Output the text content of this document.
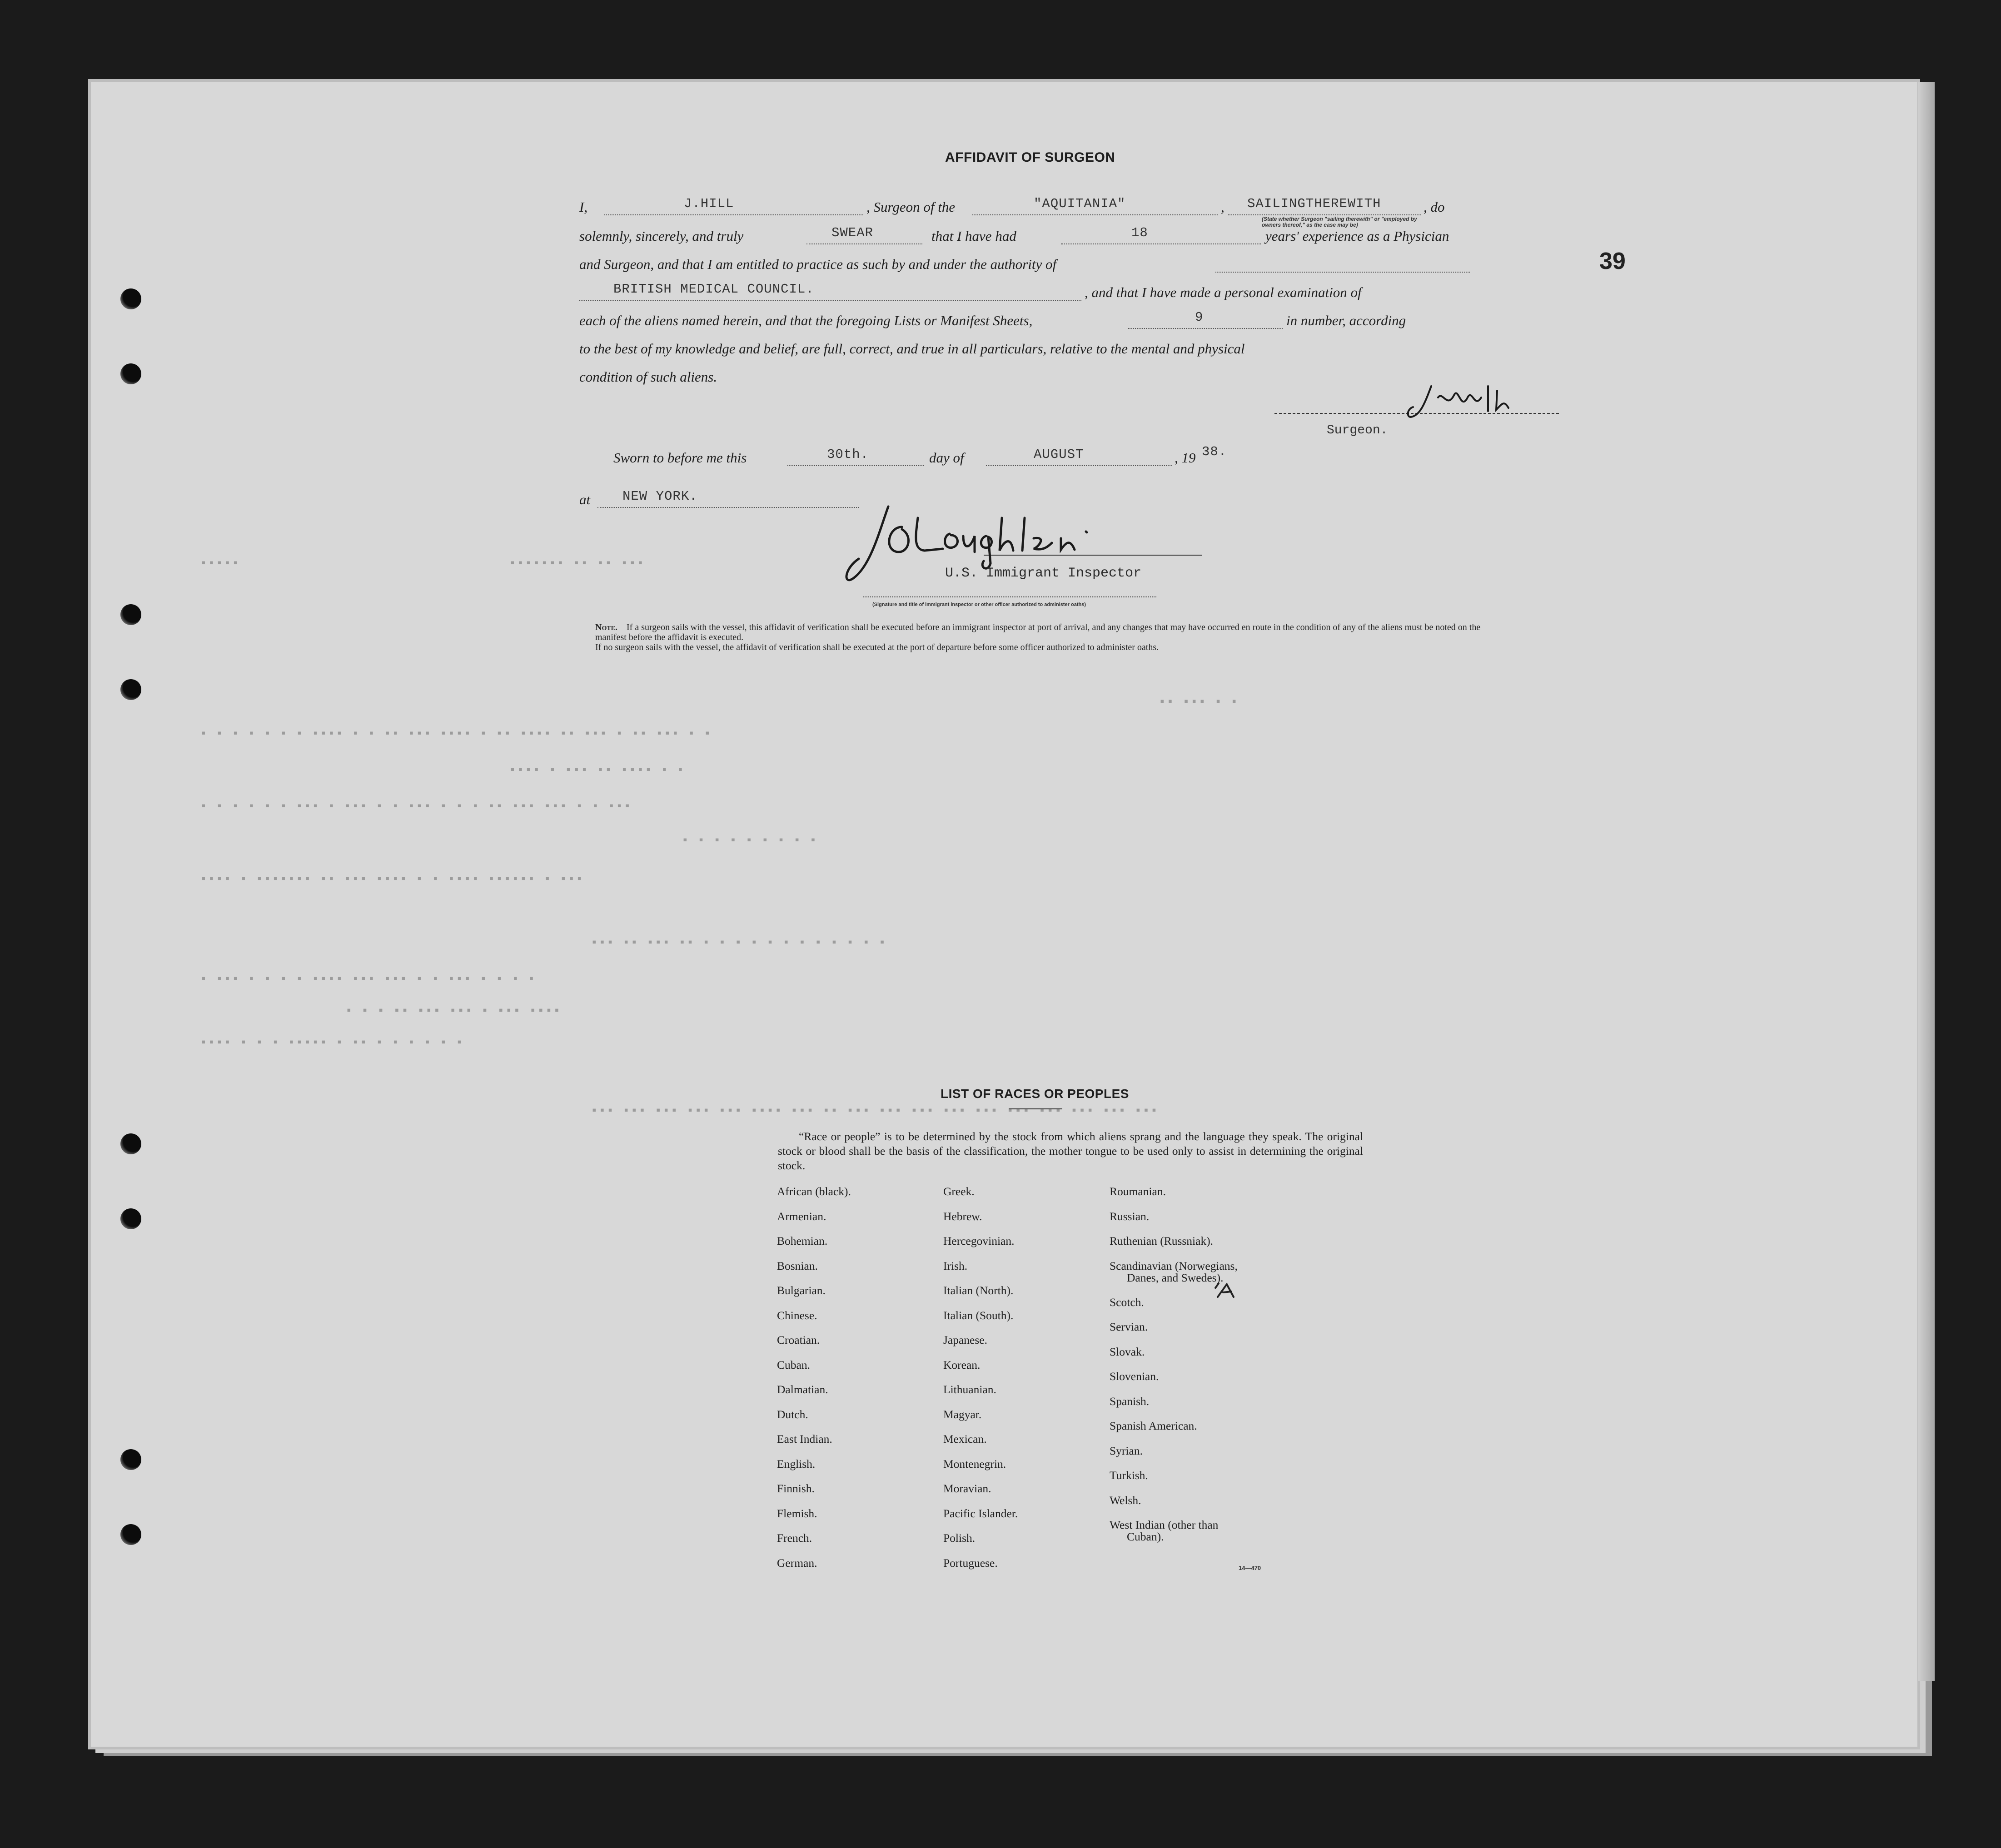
39
AFFIDAVIT OF SURGEON
I,	J.HILL	, Surgeon of the	"AQUITANIA"	, SAILINGTHEREWITH	, do
(State whether Surgeon "sailing therewith" or "employed by owners thereof," as the case may be)
solemnly, sincerely, and truly	SWEAR	that I have had	18	years' experience as a Physician
and Surgeon, and that I am entitled to practice as such by and under the authority of
BRITISH MEDICAL COUNCIL.	, and that I have made a personal examination of
each of the aliens named herein, and that the foregoing Lists or Manifest Sheets,	9	in number, according
to the best of my knowledge and belief, are full, correct, and true in all particulars, relative to the mental and physical
condition of such aliens.
Surgeon.
Sworn to before me this	30th.	day of	AUGUST	, 19 38.
at NEW YORK.
U.S. Immigrant Inspector
(Signature and title of immigrant inspector or other officer authorized to administer oaths)
Note.—If a surgeon sails with the vessel, this affidavit of verification shall be executed before an immigrant inspector at port of arrival, and any changes that may have occurred en route in the condition of any of the aliens must be noted on the manifest before the affidavit is executed.
If no surgeon sails with the vessel, the affidavit of verification shall be executed at the port of departure before some officer authorized to administer oaths.
▪▪▪▪▪	▪▪▪▪▪▪▪ ▪▪ ▪▪ ▪▪▪
▪▪ ▪▪▪ ▪ ▪
▪ ▪ ▪ ▪ ▪ ▪ ▪ ▪▪▪▪ ▪ ▪ ▪▪ ▪▪▪ ▪▪▪▪ ▪ ▪▪ ▪▪▪▪ ▪▪ ▪▪▪ ▪ ▪▪ ▪▪▪ ▪ ▪
▪▪▪▪ ▪ ▪▪▪ ▪▪ ▪▪▪▪ ▪ ▪
▪ ▪ ▪ ▪ ▪ ▪ ▪▪▪ ▪ ▪▪▪ ▪ ▪ ▪▪▪ ▪ ▪ ▪ ▪▪ ▪▪▪ ▪▪▪ ▪ ▪ ▪▪▪
▪ ▪ ▪ ▪ ▪ ▪ ▪ ▪ ▪
▪▪▪▪ ▪ ▪▪▪▪▪▪▪ ▪▪ ▪▪▪ ▪▪▪▪ ▪ ▪ ▪▪▪▪ ▪▪▪▪▪▪ ▪ ▪▪▪
▪▪▪ ▪▪ ▪▪▪ ▪▪ ▪ ▪ ▪ ▪ ▪ ▪ ▪ ▪ ▪ ▪ ▪ ▪
▪ ▪▪▪ ▪ ▪ ▪ ▪ ▪▪▪▪ ▪▪▪ ▪▪▪ ▪ ▪ ▪▪▪ ▪ ▪ ▪ ▪
▪ ▪ ▪ ▪▪ ▪▪▪ ▪▪▪ ▪ ▪▪▪ ▪▪▪▪
▪▪▪▪ ▪ ▪ ▪ ▪▪▪▪▪ ▪ ▪▪ ▪ ▪ ▪ ▪ ▪ ▪
▪▪▪ ▪▪▪ ▪▪▪ ▪▪▪ ▪▪▪ ▪▪▪▪ ▪▪▪ ▪▪ ▪▪▪ ▪▪▪ ▪▪▪ ▪▪▪ ▪▪▪ ▪▪▪ ▪▪▪ ▪▪▪ ▪▪▪ ▪▪▪
LIST OF RACES OR PEOPLES
“Race or people” is to be determined by the stock from which aliens sprang and the language they speak. The original stock or blood shall be the basis of the classification, the mother tongue to be used only to assist in determining the original stock.
African (black).
Armenian.
Bohemian.
Bosnian.
Bulgarian.
Chinese.
Croatian.
Cuban.
Dalmatian.
Dutch.
East Indian.
English.
Finnish.
Flemish.
French.
German.
Greek.
Hebrew.
Hercegovinian.
Irish.
Italian (North).
Italian (South).
Japanese.
Korean.
Lithuanian.
Magyar.
Mexican.
Montenegrin.
Moravian.
Pacific Islander.
Polish.
Portuguese.
Roumanian.
Russian.
Ruthenian (Russniak).
Scandinavian (Norwegians,
Danes, and Swedes).
Scotch.
Servian.
Slovak.
Slovenian.
Spanish.
Spanish American.
Syrian.
Turkish.
Welsh.
West Indian (other than
Cuban).
14—470
